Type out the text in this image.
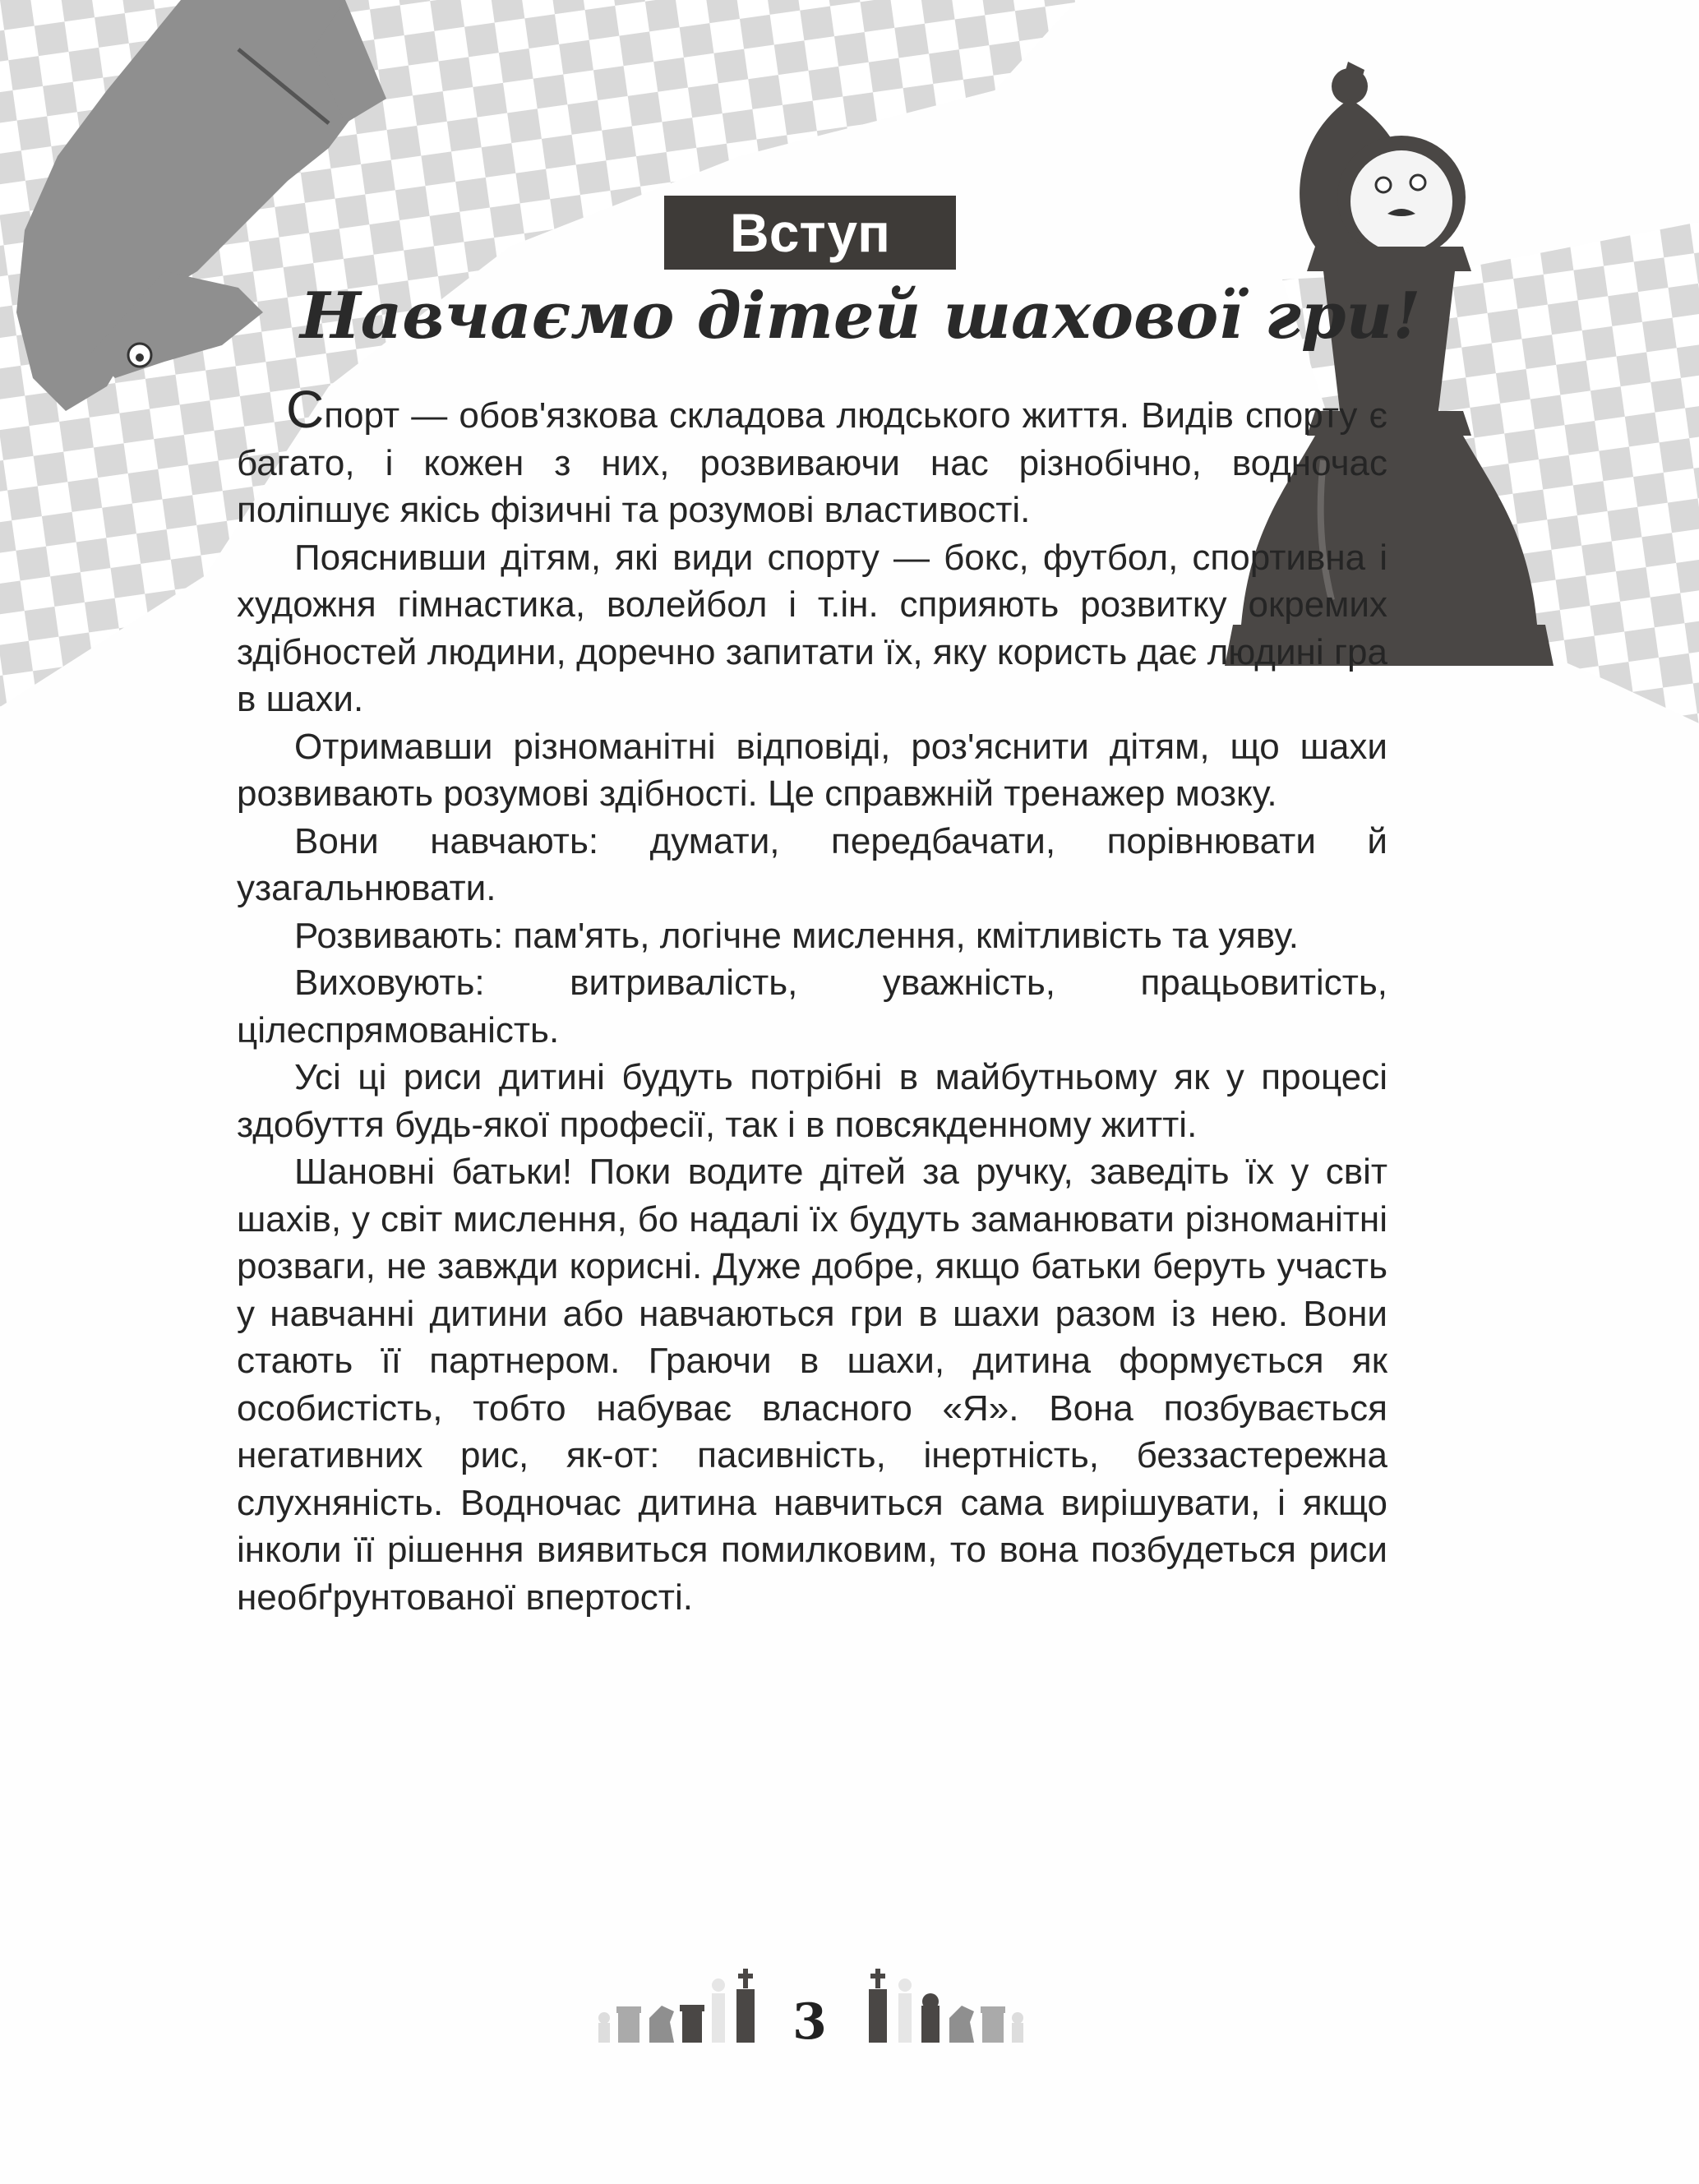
Вступ
Навчаємо дітей шахової гри!

Спорт — обов'язкова складова людського життя. Видів спорту є багато, і кожен з них, розвиваючи нас різнобічно, водночас поліпшує якісь фізичні та розумові властивості.

Пояснивши дітям, які види спорту — бокс, футбол, спортивна і художня гімнастика, волейбол і т.ін. сприяють розвитку окремих здібностей людини, доречно запитати їх, яку користь дає людині гра в шахи.

Отримавши різноманітні відповіді, роз'яснити дітям, що шахи розвивають розумові здібності. Це справжній тренажер мозку.

Вони навчають: думати, передбачати, порівнювати й узагальнювати.

Розвивають: пам'ять, логічне мислення, кмітливість та уяву.

Виховують: витривалість, уважність, працьовитість, цілеспрямованість.

Усі ці риси дитині будуть потрібні в майбутньому як у процесі здобуття будь-якої професії, так і в повсякденному житті.

Шановні батьки! Поки водите дітей за ручку, заведіть їх у світ шахів, у світ мислення, бо надалі їх будуть заманювати різноманітні розваги, не завжди корисні. Дуже добре, якщо батьки беруть участь у навчанні дитини або навчаються гри в шахи разом із нею. Вони стають її партнером. Граючи в шахи, дитина формується як особистість, тобто набуває власного «Я». Вона позбувається негативних рис, як-от: пасивність, інертність, беззастережна слухняність. Водночас дитина навчиться сама вирішувати, і якщо інколи її рішення виявиться помилковим, то вона позбудеться риси необґрунтованої впертості.

3
